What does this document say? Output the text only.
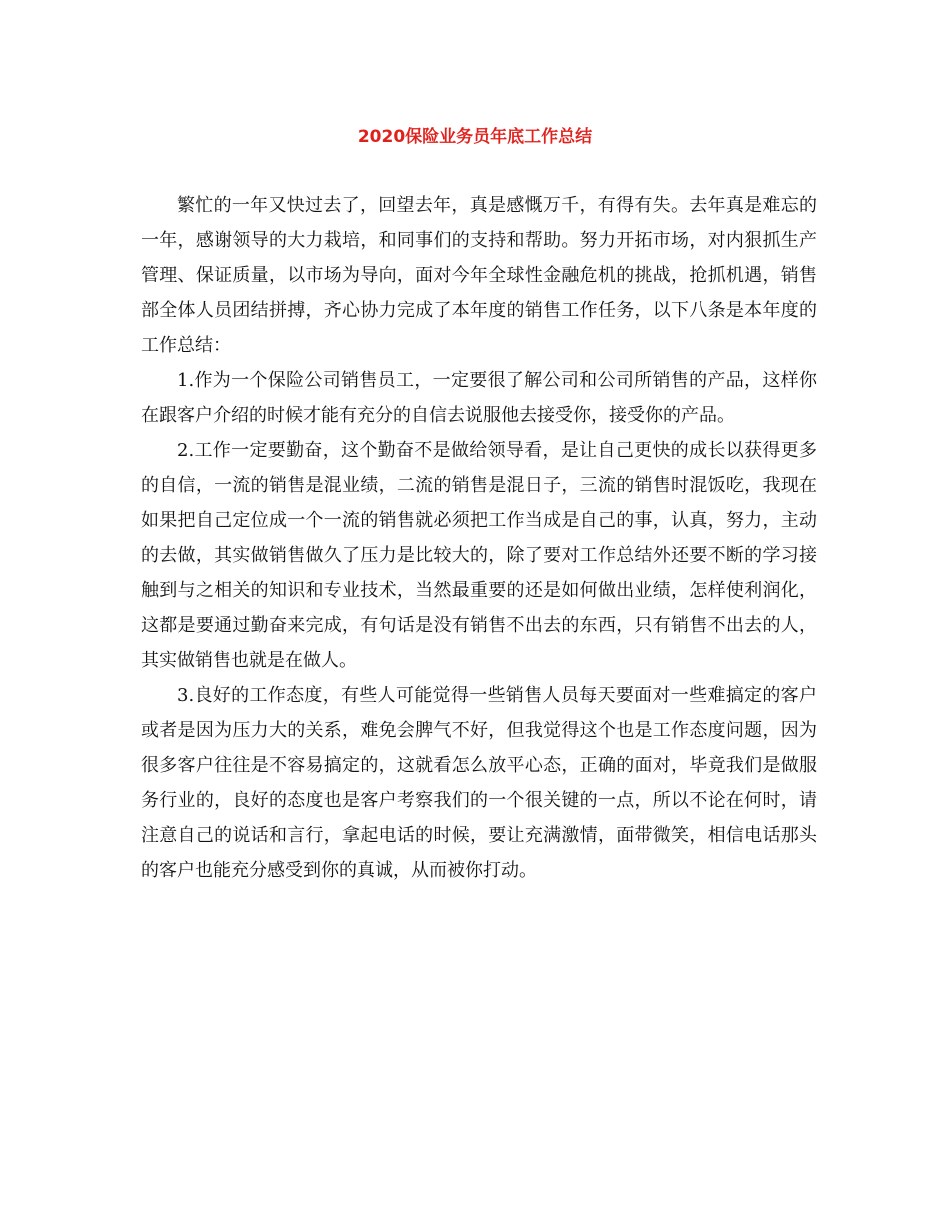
2020保险业务员年底工作总结

繁忙的一年又快过去了，回望去年，真是感慨万千，有得有失。去年真是难忘的一年，感谢领导的大力栽培，和同事们的支持和帮助。努力开拓市场，对内狠抓生产管理、保证质量，以市场为导向，面对今年全球性金融危机的挑战，抢抓机遇，销售部全体人员团结拼搏，齐心协力完成了本年度的销售工作任务，以下八条是本年度的工作总结：

1.作为一个保险公司销售员工，一定要很了解公司和公司所销售的产品，这样你在跟客户介绍的时候才能有充分的自信去说服他去接受你，接受你的产品。

2.工作一定要勤奋，这个勤奋不是做给领导看，是让自己更快的成长以获得更多的自信，一流的销售是混业绩，二流的销售是混日子，三流的销售时混饭吃，我现在如果把自己定位成一个一流的销售就必须把工作当成是自己的事，认真，努力，主动的去做，其实做销售做久了压力是比较大的，除了要对工作总结外还要不断的学习接触到与之相关的知识和专业技术，当然最重要的还是如何做出业绩，怎样使利润化，这都是要通过勤奋来完成，有句话是没有销售不出去的东西，只有销售不出去的人，其实做销售也就是在做人。

3.良好的工作态度，有些人可能觉得一些销售人员每天要面对一些难搞定的客户或者是因为压力大的关系，难免会脾气不好，但我觉得这个也是工作态度问题，因为很多客户往往是不容易搞定的，这就看怎么放平心态，正确的面对，毕竟我们是做服务行业的，良好的态度也是客户考察我们的一个很关键的一点，所以不论在何时，请注意自己的说话和言行，拿起电话的时候，要让充满激情，面带微笑，相信电话那头的客户也能充分感受到你的真诚，从而被你打动。
